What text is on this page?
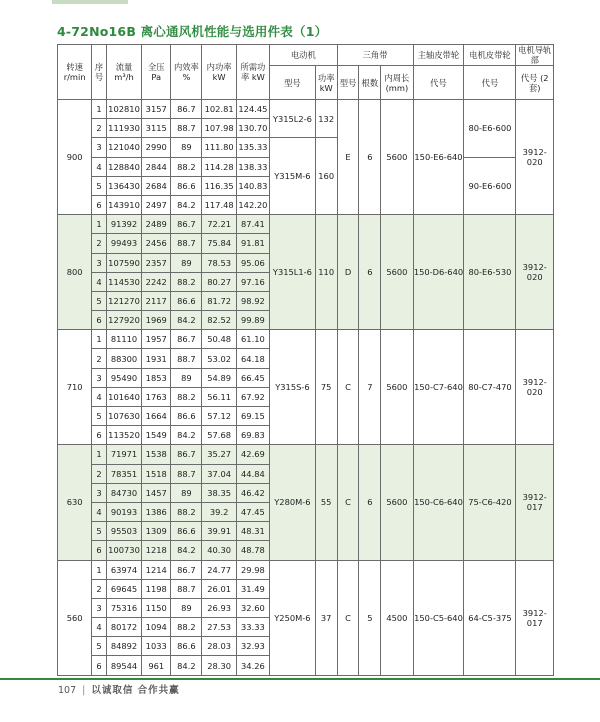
4-72No16B 离心通风机性能与选用件表（1）
转速 r/min	序号	流量 m³/h	全压 Pa	内效率 %	内功率 kW	所需功率 kW	电动机		三角带			主轴皮带轮	电机皮带轮	电机导轨部
							型号	功率 kW	型号	根数	内周长 (mm)	代号	代号	代号 (2套)
900	1	102810	3157	86.7	102.81	124.45	Y315L2-6	132	E	6	5600	150-E6-640	80-E6-600	3912-020
	2	111930	3115	88.7	107.98	130.70								
	3	121040	2990	89	111.80	135.33	Y315M-6	160						
	4	128840	2844	88.2	114.28	138.33							90-E6-600	
	5	136430	2684	86.6	116.35	140.83								
	6	143910	2497	84.2	117.48	142.20								
800	1	91392	2489	86.7	72.21	87.41	Y315L1-6	110	D	6	5600	150-D6-640	80-E6-530	3912-020
	2	99493	2456	88.7	75.84	91.81								
	3	107590	2357	89	78.53	95.06								
	4	114530	2242	88.2	80.27	97.16								
	5	121270	2117	86.6	81.72	98.92								
	6	127920	1969	84.2	82.52	99.89								
710	1	81110	1957	86.7	50.48	61.10	Y315S-6	75	C	7	5600	150-C7-640	80-C7-470	3912-020
	2	88300	1931	88.7	53.02	64.18								
	3	95490	1853	89	54.89	66.45								
	4	101640	1763	88.2	56.11	67.92								
	5	107630	1664	86.6	57.12	69.15								
	6	113520	1549	84.2	57.68	69.83								
630	1	71971	1538	86.7	35.27	42.69	Y280M-6	55	C	6	5600	150-C6-640	75-C6-420	3912-017
	2	78351	1518	88.7	37.04	44.84								
	3	84730	1457	89	38.35	46.42								
	4	90193	1386	88.2	39.2	47.45								
	5	95503	1309	86.6	39.91	48.31								
	6	100730	1218	84.2	40.30	48.78								
560	1	63974	1214	86.7	24.77	29.98	Y250M-6	37	C	5	4500	150-C5-640	64-C5-375	3912-017
	2	69645	1198	88.7	26.01	31.49								
	3	75316	1150	89	26.93	32.60								
	4	80172	1094	88.2	27.53	33.33								
	5	84892	1033	86.6	28.03	32.93								
	6	89544	961	84.2	28.30	34.26								
107 | 以诚取信 合作共赢
